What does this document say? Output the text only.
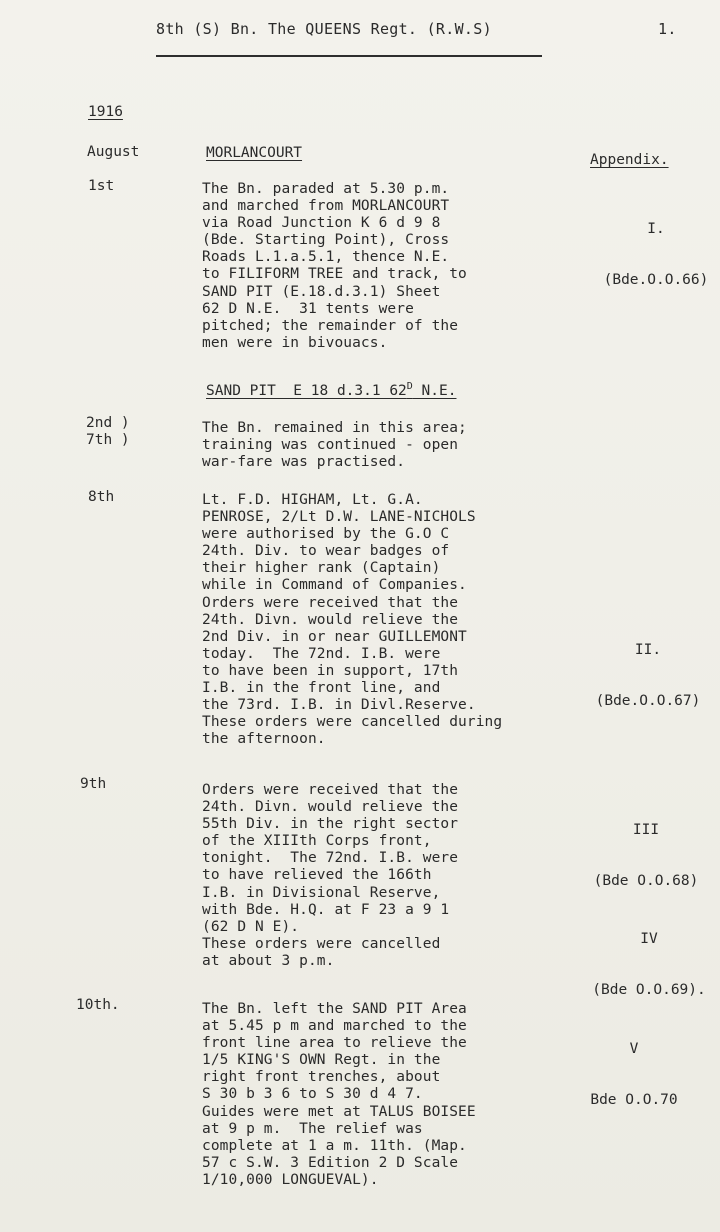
8th (S) Bn. The QUEENS Regt. (R.W.S)	1.
1916
August	MORLANCOURT	Appendix.
1st	The Bn. paraded at 5.30 p.m.
and marched from MORLANCOURT
via Road Junction K 6 d 9 8
(Bde. Starting Point), Cross
Roads L.1.a.5.1, thence N.E.
to FILIFORM TREE and track, to
SAND PIT (E.18.d.3.1) Sheet
62 D N.E.  31 tents were
pitched; the remainder of the
men were in bivouacs.

I.

(Bde.O.O.66)

SAND PIT  E 18 d.3.1 $62^D$ N.E.
2nd )
7th )
The Bn. remained in this area;
training was continued - open
war-fare was practised.
8th	Lt. F.D. HIGHAM, Lt. G.A.
PENROSE, 2/Lt D.W. LANE-NICHOLS
were authorised by the G.O C
24th. Div. to wear badges of
their higher rank (Captain)
while in Command of Companies.
Orders were received that the
24th. Divn. would relieve the
2nd Div. in or near GUILLEMONT
today.  The 72nd. I.B. were
to have been in support, 17th
I.B. in the front line, and
the 73rd. I.B. in Divl.Reserve.
These orders were cancelled during
the afternoon.

II.

(Bde.O.O.67)

9th	Orders were received that the
24th. Divn. would relieve the
55th Div. in the right sector
of the XIIIth Corps front,
tonight.  The 72nd. I.B. were
to have relieved the 166th
I.B. in Divisional Reserve,
with Bde. H.Q. at F 23 a 9 1
(62 D N E).
These orders were cancelled
at about 3 p.m.

III

(Bde O.O.68)

IV

(Bde O.O.69).

10th.	The Bn. left the SAND PIT Area
at 5.45 p m and marched to the
front line area to relieve the
1/5 KING'S OWN Regt. in the
right front trenches, about
S 30 b 3 6 to S 30 d 4 7.
Guides were met at TALUS BOISEE
at 9 p m.  The relief was
complete at 1 a m. 11th. (Map.
57 c S.W. 3 Edition 2 D Scale
1/10,000 LONGUEVAL).

V

Bde O.O.70
